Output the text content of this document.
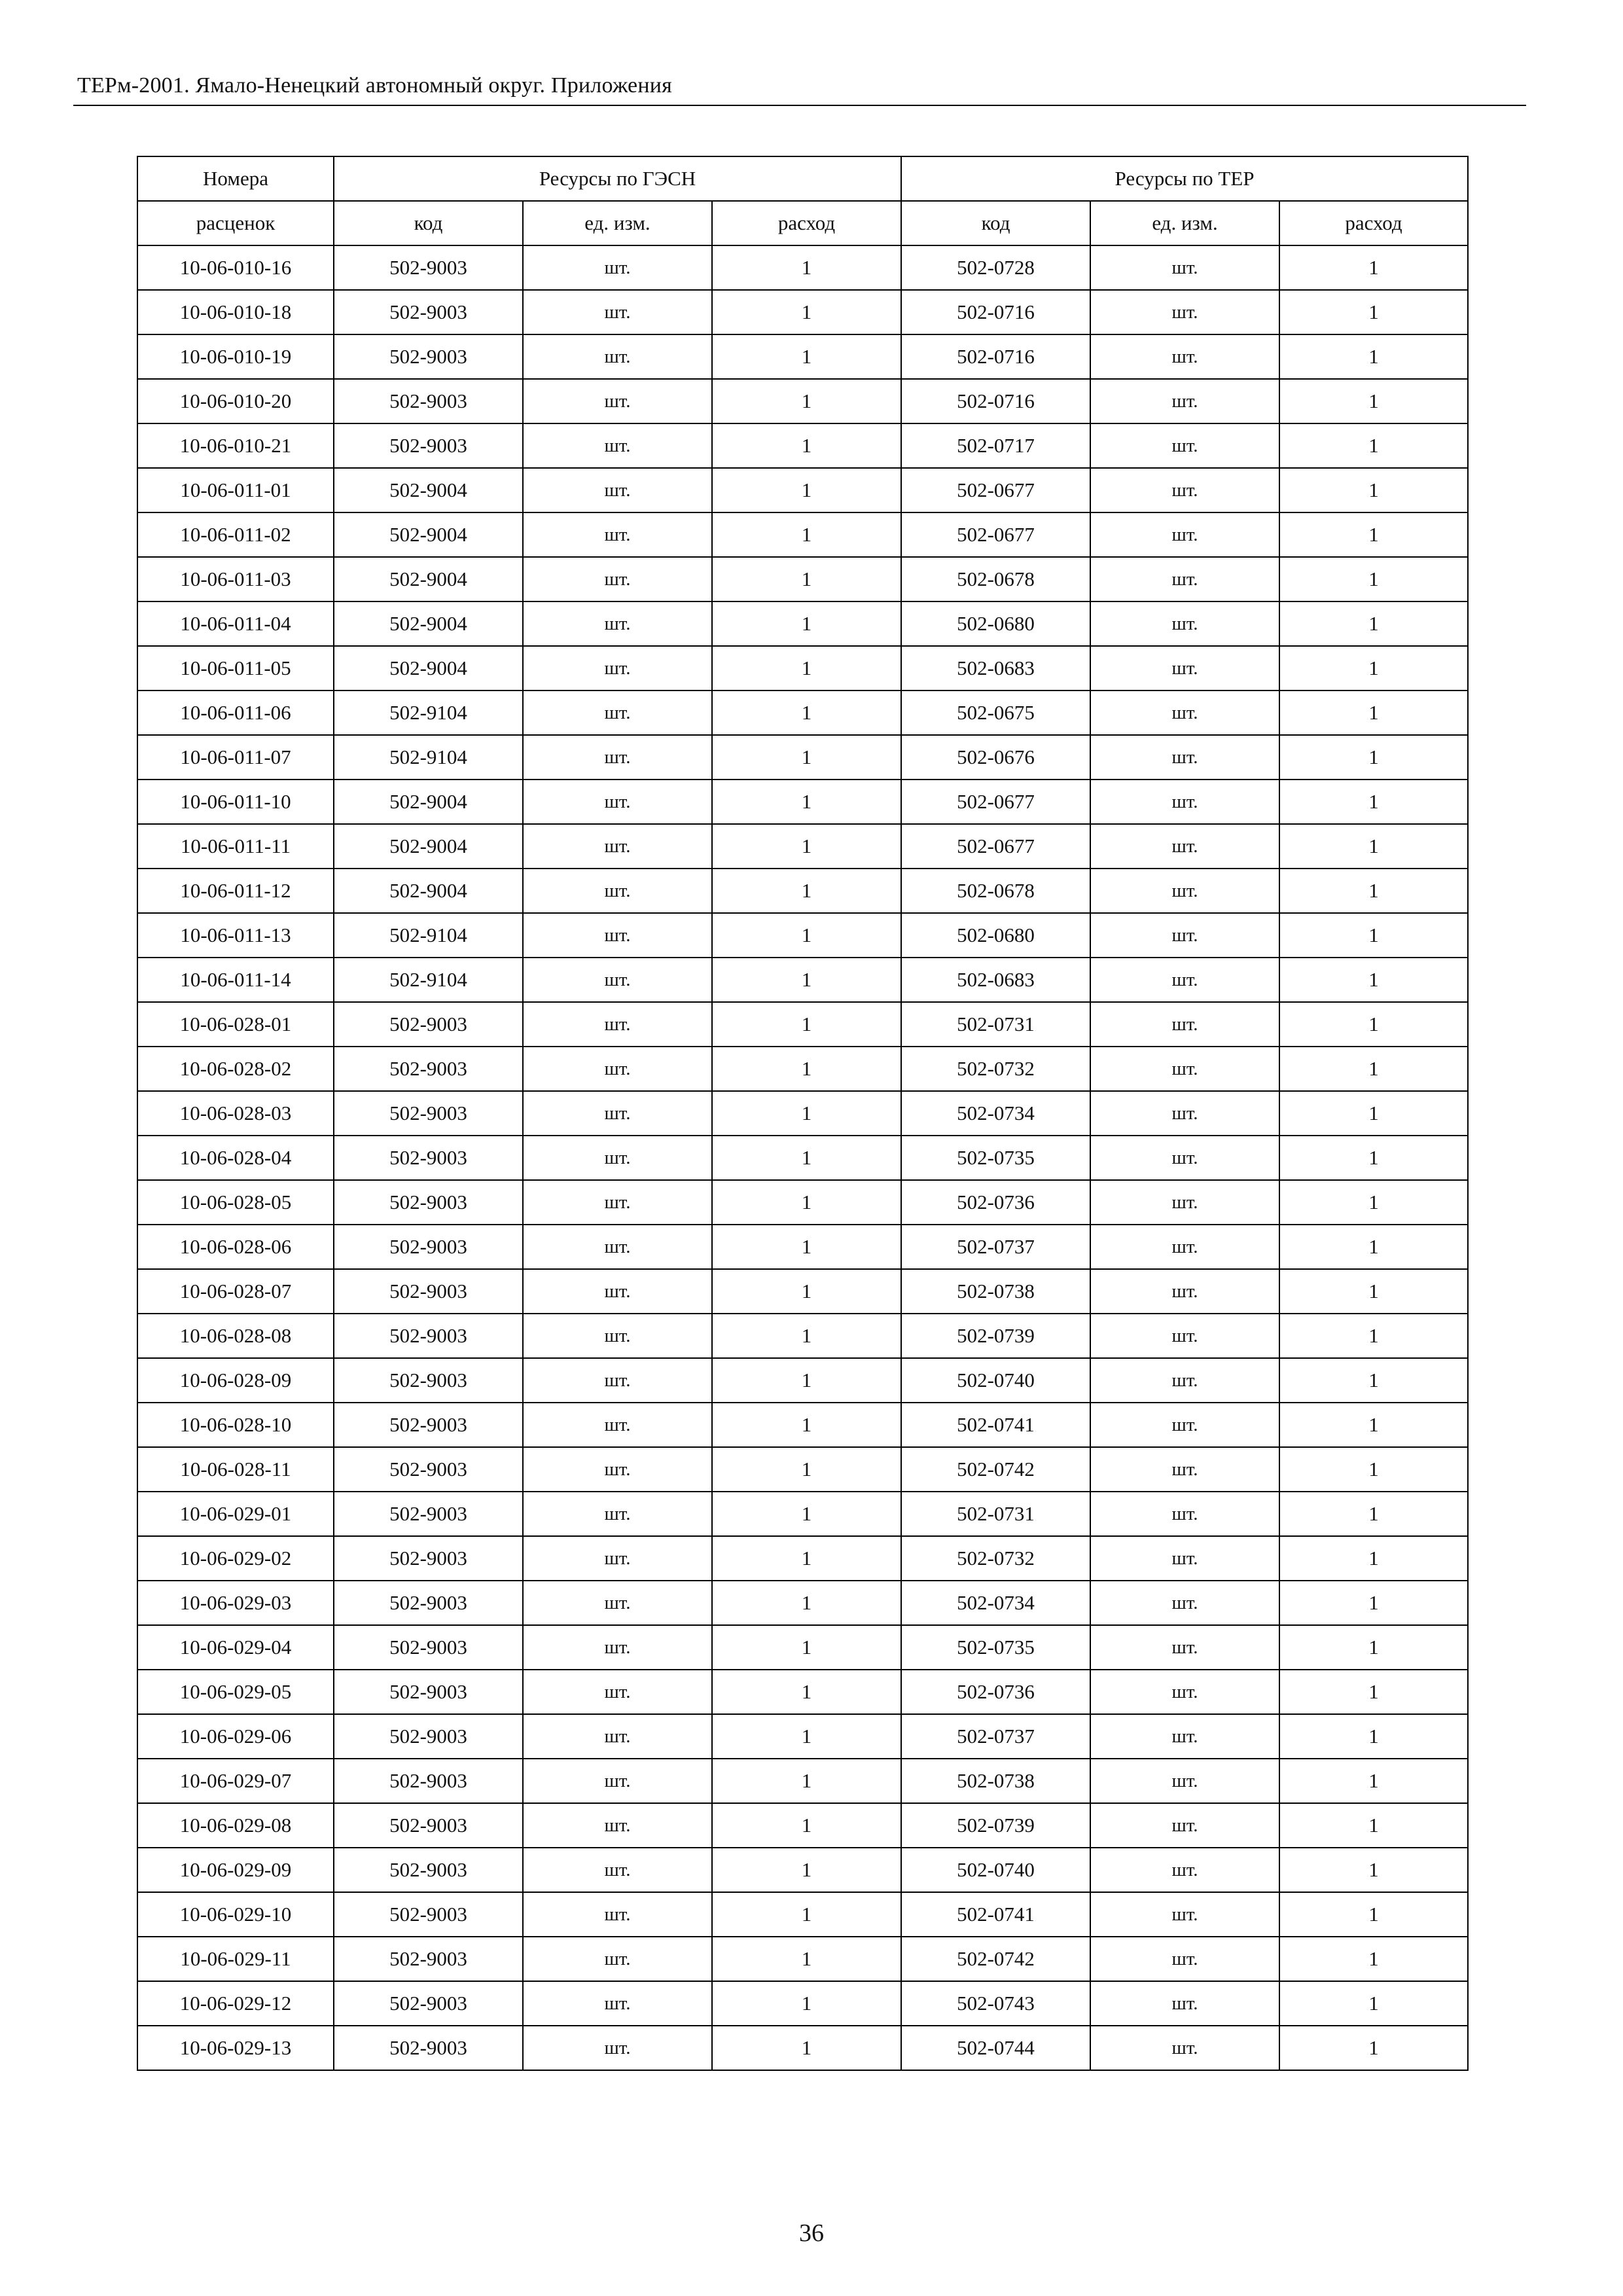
ТЕРм-2001. Ямало-Ненецкий автономный округ. Приложения
Номера	Ресурсы по ГЭСН			Ресурсы по ТЕР		
расценок	код	ед. изм.	расход	код	ед. изм.	расход
10-06-010-16	502-9003	шт.	1	502-0728	шт.	1
10-06-010-18	502-9003	шт.	1	502-0716	шт.	1
10-06-010-19	502-9003	шт.	1	502-0716	шт.	1
10-06-010-20	502-9003	шт.	1	502-0716	шт.	1
10-06-010-21	502-9003	шт.	1	502-0717	шт.	1
10-06-011-01	502-9004	шт.	1	502-0677	шт.	1
10-06-011-02	502-9004	шт.	1	502-0677	шт.	1
10-06-011-03	502-9004	шт.	1	502-0678	шт.	1
10-06-011-04	502-9004	шт.	1	502-0680	шт.	1
10-06-011-05	502-9004	шт.	1	502-0683	шт.	1
10-06-011-06	502-9104	шт.	1	502-0675	шт.	1
10-06-011-07	502-9104	шт.	1	502-0676	шт.	1
10-06-011-10	502-9004	шт.	1	502-0677	шт.	1
10-06-011-11	502-9004	шт.	1	502-0677	шт.	1
10-06-011-12	502-9004	шт.	1	502-0678	шт.	1
10-06-011-13	502-9104	шт.	1	502-0680	шт.	1
10-06-011-14	502-9104	шт.	1	502-0683	шт.	1
10-06-028-01	502-9003	шт.	1	502-0731	шт.	1
10-06-028-02	502-9003	шт.	1	502-0732	шт.	1
10-06-028-03	502-9003	шт.	1	502-0734	шт.	1
10-06-028-04	502-9003	шт.	1	502-0735	шт.	1
10-06-028-05	502-9003	шт.	1	502-0736	шт.	1
10-06-028-06	502-9003	шт.	1	502-0737	шт.	1
10-06-028-07	502-9003	шт.	1	502-0738	шт.	1
10-06-028-08	502-9003	шт.	1	502-0739	шт.	1
10-06-028-09	502-9003	шт.	1	502-0740	шт.	1
10-06-028-10	502-9003	шт.	1	502-0741	шт.	1
10-06-028-11	502-9003	шт.	1	502-0742	шт.	1
10-06-029-01	502-9003	шт.	1	502-0731	шт.	1
10-06-029-02	502-9003	шт.	1	502-0732	шт.	1
10-06-029-03	502-9003	шт.	1	502-0734	шт.	1
10-06-029-04	502-9003	шт.	1	502-0735	шт.	1
10-06-029-05	502-9003	шт.	1	502-0736	шт.	1
10-06-029-06	502-9003	шт.	1	502-0737	шт.	1
10-06-029-07	502-9003	шт.	1	502-0738	шт.	1
10-06-029-08	502-9003	шт.	1	502-0739	шт.	1
10-06-029-09	502-9003	шт.	1	502-0740	шт.	1
10-06-029-10	502-9003	шт.	1	502-0741	шт.	1
10-06-029-11	502-9003	шт.	1	502-0742	шт.	1
10-06-029-12	502-9003	шт.	1	502-0743	шт.	1
10-06-029-13	502-9003	шт.	1	502-0744	шт.	1
36
